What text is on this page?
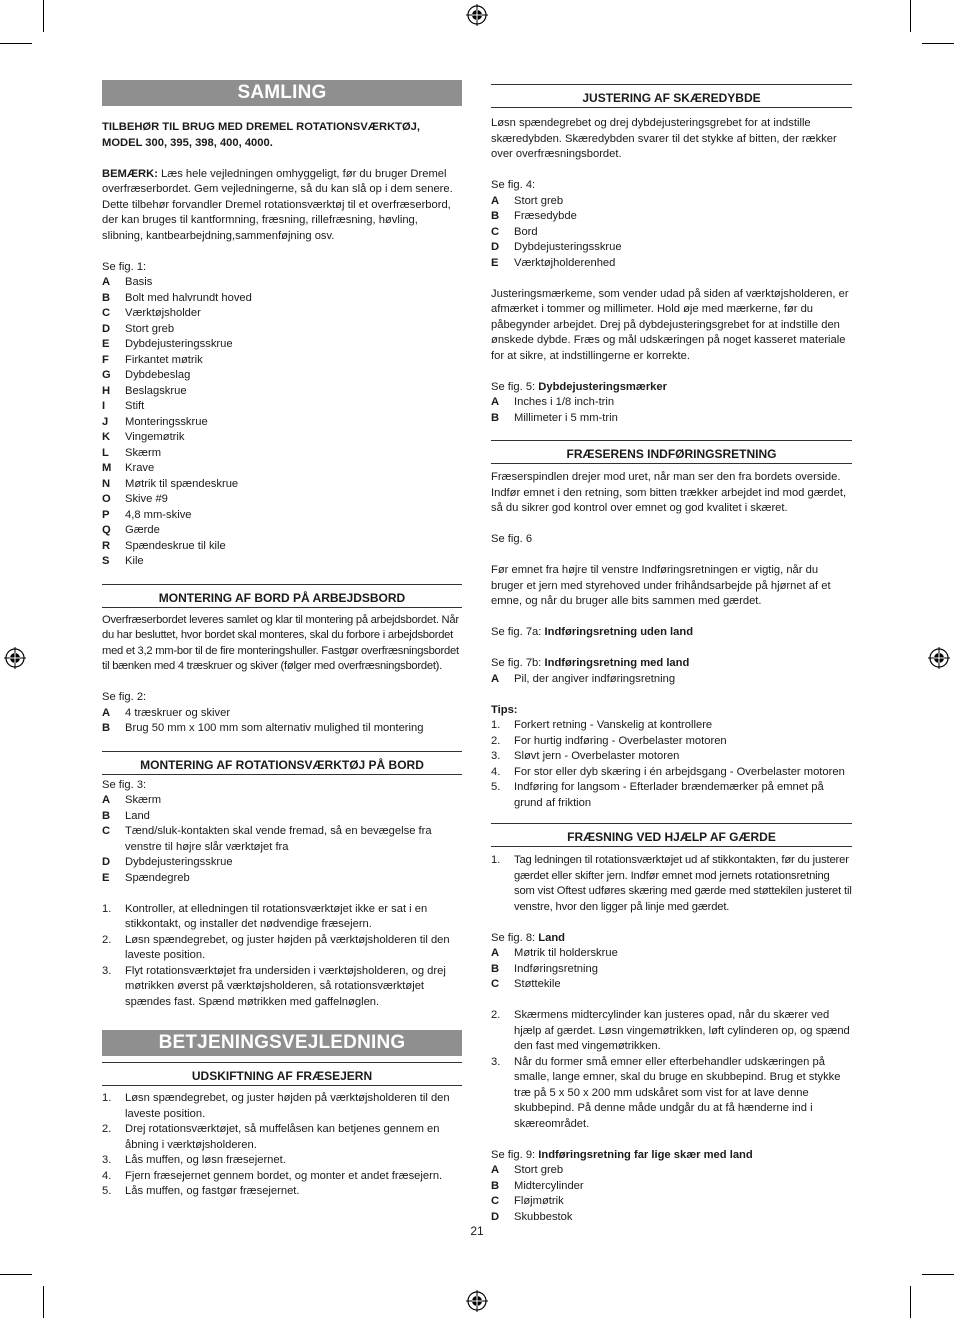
SAMLING

TILBEHØR TIL BRUG MED DREMEL ROTATIONSVÆRKTØJ, MODEL 300, 395, 398, 400, 4000.

BEMÆRK: Læs hele vejledningen omhyggeligt, før du bruger Dremel overfræserbordet. Gem vejledningerne, så du kan slå op i dem senere. Dette tilbehør forvandler Dremel rotationsværktøj til et overfræserbord, der kan bruges til kantformning, fræsning, rillefræsning, høvling, slibning, kantbearbejdning,sammenføjning osv.

Se fig. 1:

A	Basis
B	Bolt med halvrundt hoved
C	Værktøjsholder
D	Stort greb
E	Dybdejusteringsskrue
F	Firkantet møtrik
G	Dybdebeslag
H	Beslagskrue
I	Stift
J	Monteringsskrue
K	Vingemøtrik
L	Skærm
M	Krave
N	Møtrik til spændeskrue
O	Skive #9
P	4,8 mm-skive
Q	Gærde
R	Spændeskrue til kile
S	Kile
MONTERING AF BORD PÅ ARBEJDSBORD

Overfræserbordet leveres samlet og klar til montering på arbejdsbordet. Når du har besluttet, hvor bordet skal monteres, skal du forbore i arbejdsbordet med et 3,2 mm-bor til de fire monteringshuller. Fastgør overfræsningsbordet til bænken med 4 træskruer og skiver (følger med overfræsningsbordet).

Se fig. 2:

A	4 træskruer og skiver
B	Brug 50 mm x 100 mm som alternativ mulighed til montering
MONTERING AF ROTATIONSVÆRKTØJ PÅ BORD

Se fig. 3:

A	Skærm
B	Land
C	Tænd/sluk-kontakten skal vende fremad, så en bevægelse fra venstre til højre slår værktøjet fra
D	Dybdejusteringsskrue
E	Spændegreb
1.	Kontroller, at elledningen til rotationsværktøjet ikke er sat i en stikkontakt, og installer det nødvendige fræsejern.
2.	Løsn spændegrebet, og juster højden på værktøjsholderen til den laveste position.
3.	Flyt rotationsværktøjet fra undersiden i værktøjsholderen, og drej møtrikken øverst på værktøjsholderen, så rotationsværktøjet spændes fast. Spænd møtrikken med gaffelnøglen.
BETJENINGSVEJLEDNING
UDSKIFTNING AF FRÆSEJERN
1.	Løsn spændegrebet, og juster højden på værktøjsholderen til den laveste position.
2.	Drej rotationsværktøjet, så muffelåsen kan betjenes gennem en åbning i værktøjsholderen.
3.	Lås muffen, og løsn fræsejernet.
4.	Fjern fræsejernet gennem bordet, og monter et andet fræsejern.
5.	Lås muffen, og fastgør fræsejernet.
JUSTERING AF SKÆREDYBDE

Løsn spændegrebet og drej dybdejusteringsgrebet for at indstille skæredybden. Skæredybden svarer til det stykke af bitten, der rækker over overfræsningsbordet.

Se fig. 4:

A	Stort greb
B	Fræsedybde
C	Bord
D	Dybdejusteringsskrue
E	Værktøjholderenhed

Justeringsmærkeme, som vender udad på siden af værktøjsholderen, er afmærket i tommer og millimeter. Hold øje med mærkerne, før du påbegynder arbejdet. Drej på dybdejusteringsgrebet for at indstille den ønskede dybde. Fræs og mål udskæringen på noget kasseret materiale for at sikre, at indstillingerne er korrekte.

Se fig. 5: Dybdejusteringsmærker

A	Inches i 1/8 inch-trin
B	Millimeter i 5 mm-trin
FRÆSERENS INDFØRINGSRETNING

Fræserspindlen drejer mod uret, når man ser den fra bordets overside. Indfør emnet i den retning, som bitten trækker arbejdet ind mod gærdet, så du sikrer god kontrol over emnet og god kvalitet i skæret.

Se fig. 6

Før emnet fra højre til venstre Indføringsretningen er vigtig, når du bruger et jern med styrehoved under frihåndsarbejde på hjørnet af et emne, og når du bruger alle bits sammen med gærdet.

Se fig. 7a: Indføringsretning uden land

Se fig. 7b: Indføringsretning med land

A	Pil, der angiver indføringsretning

Tips:

1.	Forkert retning - Vanskelig at kontrollere
2.	For hurtig indføring - Overbelaster motoren
3.	Sløvt jern - Overbelaster motoren
4.	For stor eller dyb skæring i én arbejdsgang - Overbelaster motoren
5.	Indføring for langsom - Efterlader brændemærker på emnet på grund af friktion
FRÆSNING VED HJÆLP AF GÆRDE
1.	Tag ledningen til rotationsværktøjet ud af stikkontakten, før du justerer gærdet eller skifter jern. Indfør emnet mod jernets rotationsretning som vist Oftest udføres skæring med gærde med støttekilen justeret til venstre, hvor den ligger på linje med gærdet.

Se fig. 8: Land

A	Møtrik til holderskrue
B	Indføringsretning
C	Støttekile
2.	Skærmens midtercylinder kan justeres opad, når du skærer ved hjælp af gærdet. Løsn vingemøtrikken, løft cylinderen op, og spænd den fast med vingemøtrikken.
3.	Når du former små emner eller efterbehandler udskæringen på smalle, lange emner, skal du bruge en skubbepind. Brug et stykke træ på 5 x 50 x 200 mm udskåret som vist for at lave denne skubbepind. På denne måde undgår du at få hænderne ind i skæreområdet.

Se fig. 9: Indføringsretning far lige skær med land

A	Stort greb
B	Midtercylinder
C	Fløjmøtrik
D	Skubbestok
21
